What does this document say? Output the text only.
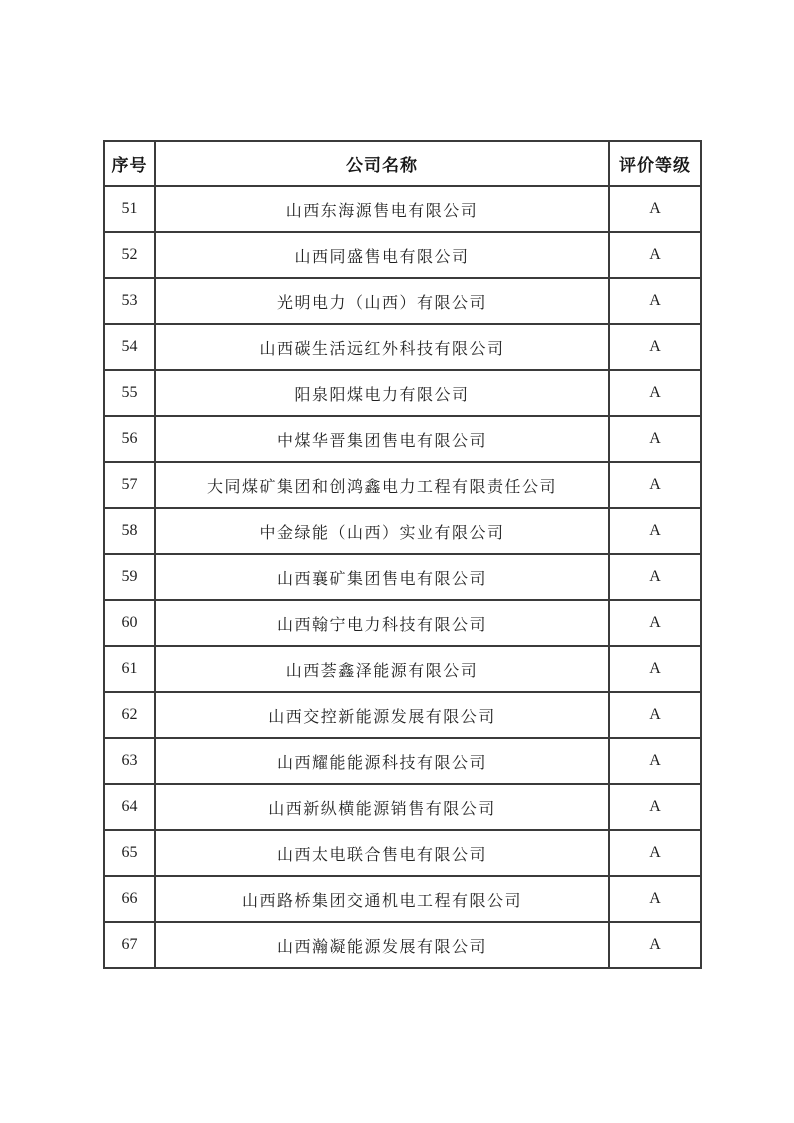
序号	公司名称	评价等级
51	山西东海源售电有限公司	A
52	山西同盛售电有限公司	A
53	光明电力（山西）有限公司	A
54	山西碳生活远红外科技有限公司	A
55	阳泉阳煤电力有限公司	A
56	中煤华晋集团售电有限公司	A
57	大同煤矿集团和创鸿鑫电力工程有限责任公司	A
58	中金绿能（山西）实业有限公司	A
59	山西襄矿集团售电有限公司	A
60	山西翰宁电力科技有限公司	A
61	山西荟鑫泽能源有限公司	A
62	山西交控新能源发展有限公司	A
63	山西耀能能源科技有限公司	A
64	山西新纵横能源销售有限公司	A
65	山西太电联合售电有限公司	A
66	山西路桥集团交通机电工程有限公司	A
67	山西瀚凝能源发展有限公司	A
